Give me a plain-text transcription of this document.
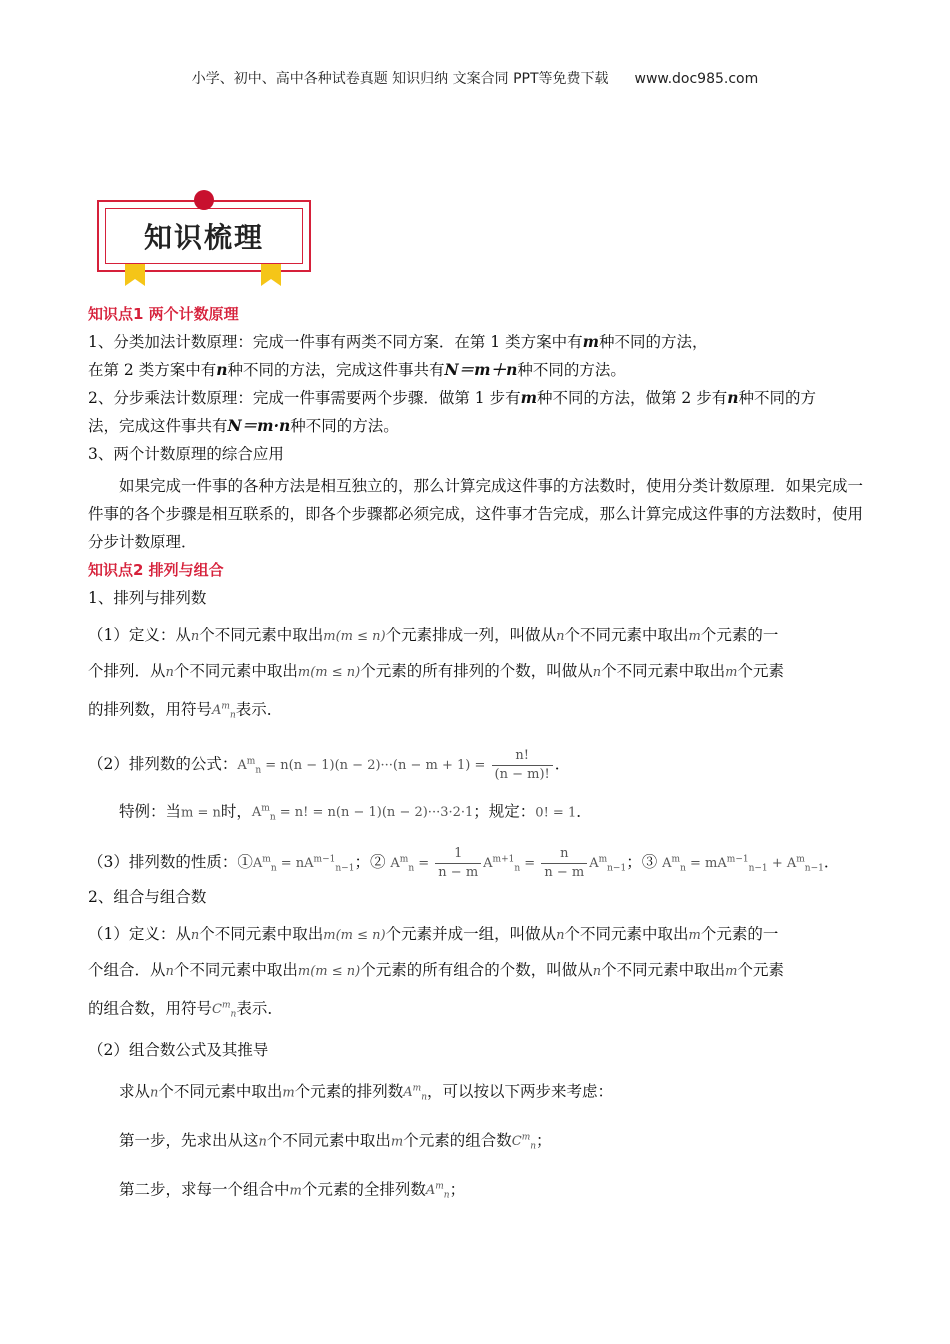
小学、初中、高中各种试卷真题 知识归纳 文案合同 PPT等免费下载 www.doc985.com
知识梳理

知识点1 两个计数原理

1、分类加法计数原理：完成一件事有两类不同方案．在第 1 类方案中有m种不同的方法，

在第 2 类方案中有n种不同的方法，完成这件事共有N＝m＋n种不同的方法。

2、分步乘法计数原理：完成一件事需要两个步骤．做第 1 步有m种不同的方法，做第 2 步有n种不同的方

法，完成这件事共有N＝m·n种不同的方法。

3、两个计数原理的综合应用

如果完成一件事的各种方法是相互独立的，那么计算完成这件事的方法数时，使用分类计数原理．如果完成一件事的各个步骤是相互联系的，即各个步骤都必须完成，这件事才告完成，那么计算完成这件事的方法数时，使用分步计数原理．

知识点2 排列与组合

1、排列与排列数

（1）定义：从n个不同元素中取出m(m ≤ n)个元素排成一列，叫做从n个不同元素中取出m个元素的一
个排列．从n个不同元素中取出m(m ≤ n)个元素的所有排列的个数，叫做从n个不同元素中取出m个元素
的排列数，用符号$A^m_n$表示．

（2）排列数的公式：$A^m_n = n(n - 1)(n - 2)\cdot\cdot\cdot(n - m + 1) = \frac{n!}{(n - m)!}$ ．

特例：当m = n时，$A^m_n = n$! = n(n − 1)(n − 2)···3·2·1；规定：0! = 1．

（3）排列数的性质：$①A^m_n = nA^{m-1}_{n-1}$；② $A^m_n = \frac{1}{n - m} A^{m+1}_n = \frac{n}{n - m} A^m_{n-1}$；③ $A^m_n = mA^{m-1}_{n-1} + A^m_{n-1}$．

2、组合与组合数

（1）定义：从n个不同元素中取出m(m ≤ n)个元素并成一组，叫做从n个不同元素中取出m个元素的一
个组合．从n个不同元素中取出m(m ≤ n)个元素的所有组合的个数，叫做从n个不同元素中取出m个元素
的组合数，用符号$C^m_n$表示．

（2）组合数公式及其推导

求从n个不同元素中取出m个元素的排列数$A^m_n$，可以按以下两步来考虑：

第一步，先求出从这n个不同元素中取出m个元素的组合数$C^m_n$；

第二步，求每一个组合中m个元素的全排列数$A^m_n$；
